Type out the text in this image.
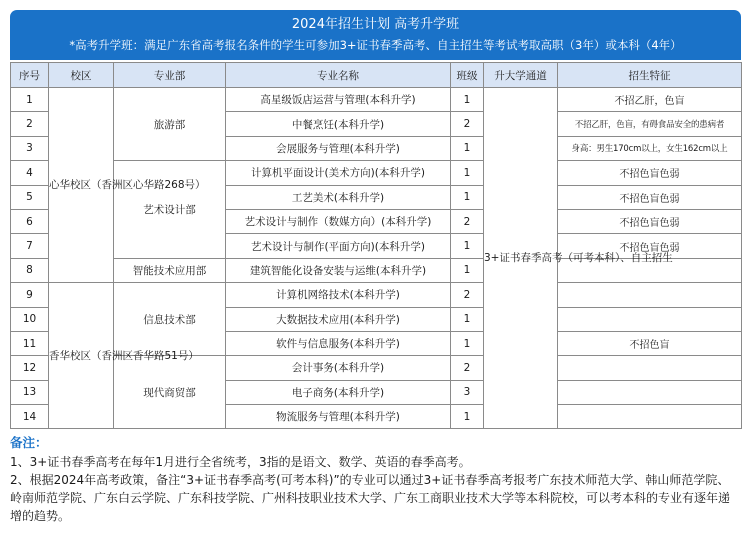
2024年招生计划 高考升学班
*高考升学班：满足广东省高考报名条件的学生可参加3+证书春季高考、自主招生等考试考取高职（3年）或本科（4年）
序号	校区	专业部	专业名称	班级	升大学通道	招生特征
1	心华校区（香洲区心华路268号）	旅游部	高星级饭店运营与管理(本科升学)	1	3+证书春季高考（可考本科）、自主招生	不招乙肝，色盲
2			中餐烹饪(本科升学)	2		不招乙肝，色盲，有碍食品安全的患病者
3			会展服务与管理(本科升学)	1		身高：男生170cm以上，女生162cm以上
4		艺术设计部	计算机平面设计(美术方向)(本科升学)	1		不招色盲色弱
5			工艺美术(本科升学)	1		不招色盲色弱
6			艺术设计与制作（数媒方向）(本科升学)	2		不招色盲色弱
7			艺术设计与制作(平面方向)(本科升学)	1		不招色盲色弱
8		智能技术应用部	建筑智能化设备安装与运维(本科升学)	1		
9	香华校区（香洲区香华路51号）	信息技术部	计算机网络技术(本科升学)	2		
10			大数据技术应用(本科升学)	1		
11			软件与信息服务(本科升学)	1		不招色盲
12		现代商贸部	会计事务(本科升学)	2		
13			电子商务(本科升学)	3		
14			物流服务与管理(本科升学)	1		
备注：

1、3+证书春季高考在每年1月进行全省统考，3指的是语文、数学、英语的春季高考。

2、根据2024年高考政策，备注“3+证书春季高考(可考本科)”的专业可以通过3+证书春季高考报考广东技术师范大学、韩山师范学院、岭南师范学院、广东白云学院、广东科技学院、广州科技职业技术大学、广东工商职业技术大学等本科院校，可以考本科的专业有逐年递增的趋势。
